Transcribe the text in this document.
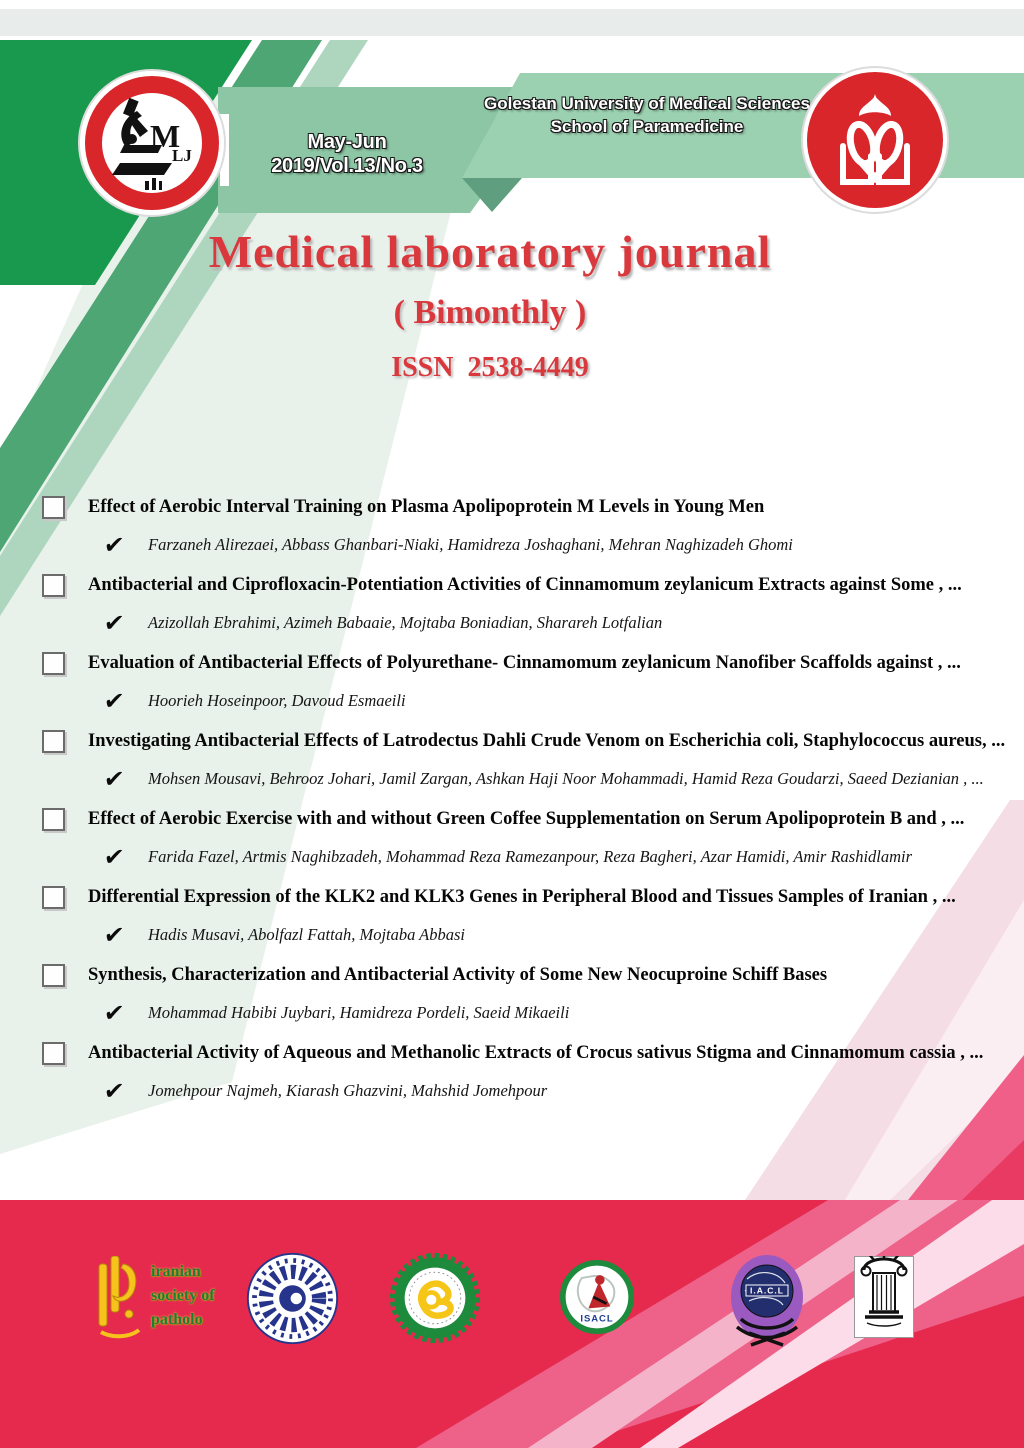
May-Jun 2019/Vol.13/No.3
Golestan University of Medical Sciences
School of Paramedicine
M
LJ
Medical laboratory journal
( Bimonthly )
ISSN  2538-4449
Effect of Aerobic Interval Training on Plasma Apolipoprotein M Levels in Young Men
✔ Farzaneh Alirezaei, Abbass Ghanbari-Niaki, Hamidreza Joshaghani, Mehran Naghizadeh Ghomi
Antibacterial and Ciprofloxacin-Potentiation Activities of Cinnamomum zeylanicum Extracts against Some , ...
✔ Azizollah Ebrahimi, Azimeh Babaaie, Mojtaba Boniadian, Sharareh Lotfalian
Evaluation of Antibacterial Effects of Polyurethane- Cinnamomum zeylanicum Nanofiber Scaffolds against , ...
✔ Hoorieh Hoseinpoor, Davoud Esmaeili
Investigating Antibacterial Effects of Latrodectus Dahli Crude Venom on Escherichia coli, Staphylococcus aureus, ...
✔ Mohsen Mousavi, Behrooz Johari, Jamil Zargan, Ashkan Haji Noor Mohammadi, Hamid Reza Goudarzi, Saeed Dezianian , ...
Effect of Aerobic Exercise with and without Green Coffee Supplementation on Serum Apolipoprotein B and , ...
✔ Farida Fazel, Artmis Naghibzadeh, Mohammad Reza Ramezanpour, Reza Bagheri, Azar Hamidi, Amir Rashidlamir
Differential Expression of the KLK2 and KLK3 Genes in Peripheral Blood and Tissues Samples of Iranian , ...
✔ Hadis Musavi, Abolfazl Fattah, Mojtaba Abbasi
Synthesis, Characterization and Antibacterial Activity of Some New Neocuproine Schiff Bases
✔ Mohammad Habibi Juybari, Hamidreza Pordeli, Saeid Mikaeili
Antibacterial Activity of Aqueous and Methanolic Extracts of Crocus sativus Stigma and Cinnamomum cassia , ...
✔ Jomehpour Najmeh, Kiarash Ghazvini, Mahshid Jomehpour
iranian
society of
patholo	ISACL
I.A.C.L
